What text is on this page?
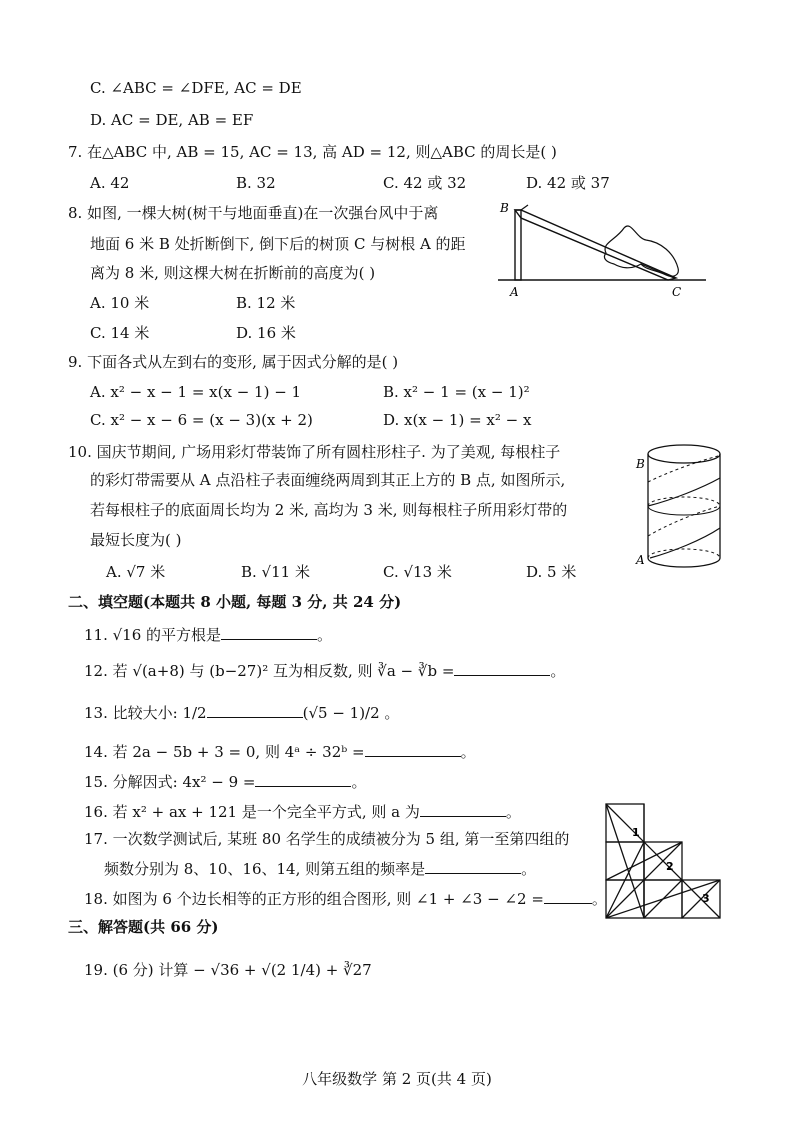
C. ∠ABC = ∠DFE, AC = DE
D. AC = DE, AB = EF
7. 在△ABC 中, AB = 15, AC = 13, 高 AD = 12, 则△ABC 的周长是( )
A. 42	B. 32	C. 42 或 32	D. 42 或 37
8. 如图, 一棵大树(树干与地面垂直)在一次强台风中于离
地面 6 米 B 处折断倒下, 倒下后的树顶 C 与树根 A 的距
离为 8 米, 则这棵大树在折断前的高度为( )
A. 10 米	B. 12 米
C. 14 米	D. 16 米
9. 下面各式从左到右的变形, 属于因式分解的是( )
A. x² − x − 1 = x(x − 1) − 1	B. x² − 1 = (x − 1)²
C. x² − x − 6 = (x − 3)(x + 2)	D. x(x − 1) = x² − x
10. 国庆节期间, 广场用彩灯带装饰了所有圆柱形柱子. 为了美观, 每根柱子
的彩灯带需要从 A 点沿柱子表面缠绕两周到其正上方的 B 点, 如图所示,
若每根柱子的底面周长均为 2 米, 高均为 3 米, 则每根柱子所用彩灯带的
最短长度为( )
A. √7 米	B. √11 米	C. √13 米	D. 5 米
二、填空题(本题共 8 小题, 每题 3 分, 共 24 分)
11. √16 的平方根是	。
12. 若 √(a+8) 与 (b−27)² 互为相反数, 则 ∛a − ∛b =	。
13. 比较大小: 1/2	(√5 − 1)/2 。
14. 若 2a − 5b + 3 = 0, 则 4ᵃ ÷ 32ᵇ =	。
15. 分解因式: 4x² − 9 =	。
16. 若 x² + ax + 121 是一个完全平方式, 则 a 为	。
17. 一次数学测试后, 某班 80 名学生的成绩被分为 5 组, 第一至第四组的
频数分别为 8、10、16、14, 则第五组的频率是	。
18. 如图为 6 个边长相等的正方形的组合图形, 则 ∠1 + ∠3 − ∠2 =	。
三、解答题(共 66 分)
19. (6 分) 计算 − √36 + √(2 1/4) + ∛27
B
A	C
B
A
1
2
3
八年级数学 第 2 页(共 4 页)
